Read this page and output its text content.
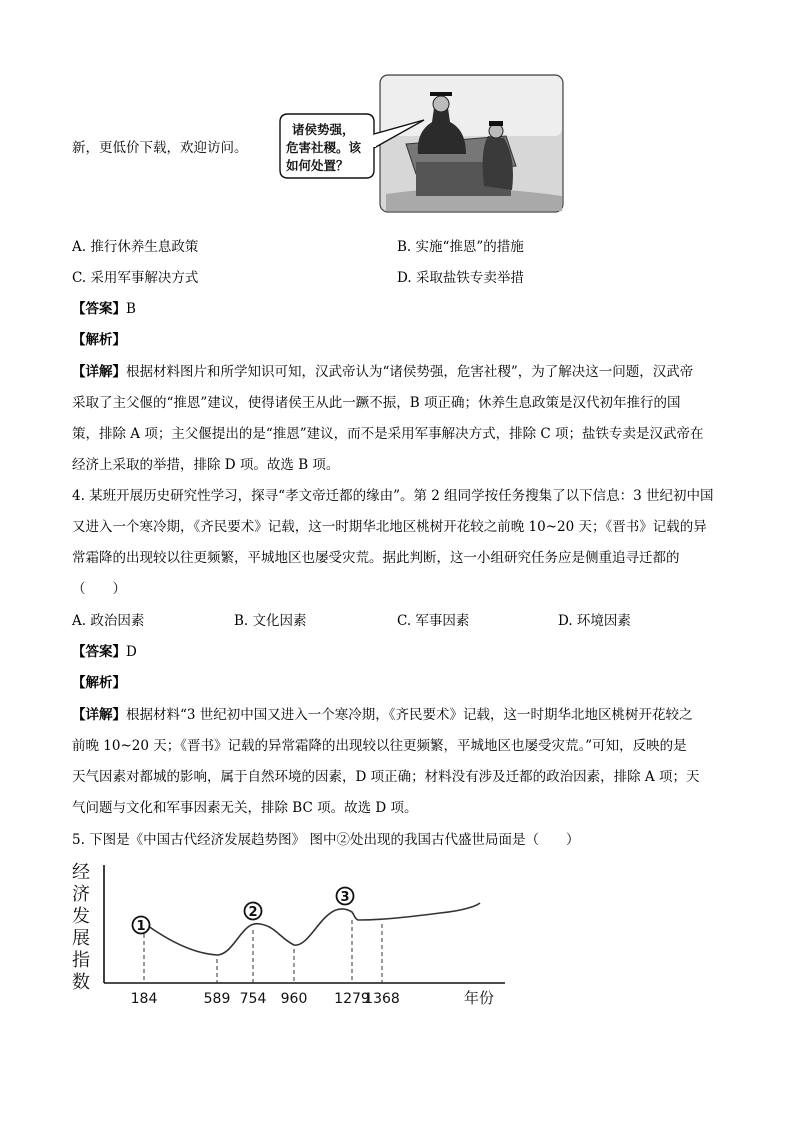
新，更低价下载，欢迎访问。
诸侯势强，
危害社稷。该
如何处置？
A. 推行休养生息政策	B. 实施“推恩”的措施
C. 采用军事解决方式	D. 采取盐铁专卖举措
【答案】B
【解析】
【详解】根据材料图片和所学知识可知，汉武帝认为“诸侯势强，危害社稷”，为了解决这一问题，汉武帝
采取了主父偃的“推恩”建议，使得诸侯王从此一蹶不振，B 项正确；休养生息政策是汉代初年推行的国
策，排除 A 项；主父偃提出的是“推恩”建议，而不是采用军事解决方式，排除 C 项；盐铁专卖是汉武帝在
经济上采取的举措，排除 D 项。故选 B 项。
4. 某班开展历史研究性学习，探寻“孝文帝迁都的缘由”。第 2 组同学按任务搜集了以下信息：3 世纪初中国
又进入一个寒冷期，《齐民要术》记载，这一时期华北地区桃树开花较之前晚 10~20 天；《晋书》记载的异
常霜降的出现较以往更频繁，平城地区也屡受灾荒。据此判断，这一小组研究任务应是侧重追寻迁都的
（　　）
A. 政治因素	B. 文化因素	C. 军事因素	D. 环境因素
【答案】D
【解析】
【详解】根据材料“3 世纪初中国又进入一个寒冷期，《齐民要术》记载，这一时期华北地区桃树开花较之
前晚 10~20 天；《晋书》记载的异常霜降的出现较以往更频繁，平城地区也屡受灾荒。”可知，反映的是
天气因素对都城的影响，属于自然环境的因素，D 项正确；材料没有涉及迁都的政治因素，排除 A 项；天
气问题与文化和军事因素无关，排除 BC 项。故选 D 项。
5. 下图是《中国古代经济发展趋势图》 图中②处出现的我国古代盛世局面是（　　）
经
济
发
展
指
数
184	589 754 960 1279
1368
1
2
3
年份
